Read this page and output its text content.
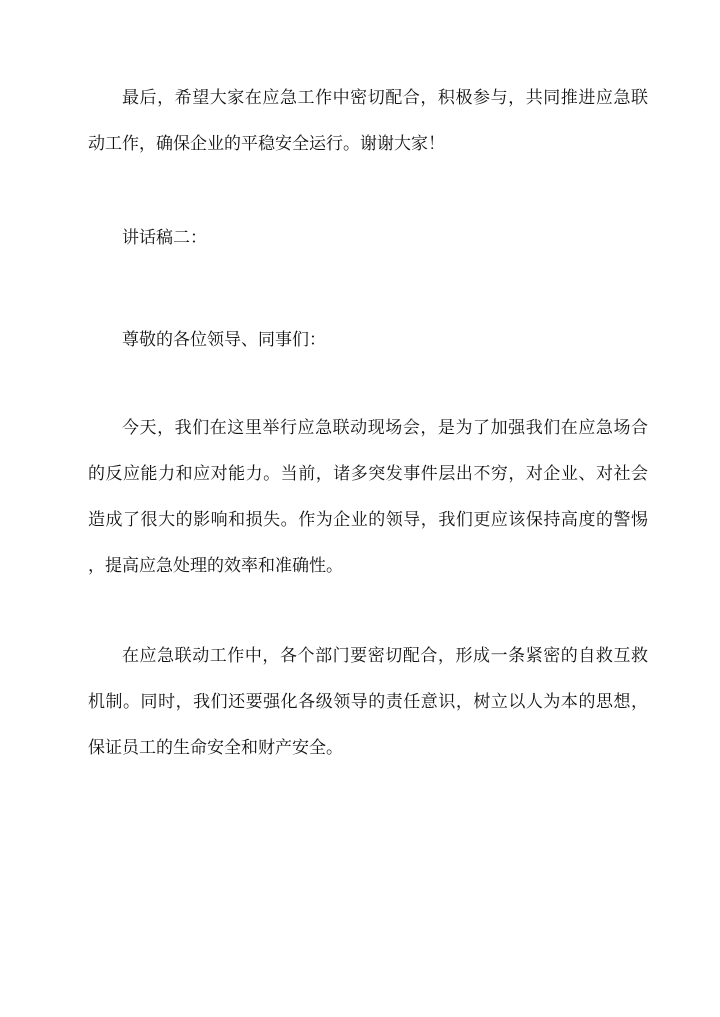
最后，希望大家在应急工作中密切配合，积极参与，共同推进应急联
动工作，确保企业的平稳安全运行。谢谢大家！

讲话稿二：

尊敬的各位领导、同事们：

今天，我们在这里举行应急联动现场会，是为了加强我们在应急场合
的反应能力和应对能力。当前，诸多突发事件层出不穷，对企业、对社会
造成了很大的影响和损失。作为企业的领导，我们更应该保持高度的警惕
，提高应急处理的效率和准确性。

在应急联动工作中，各个部门要密切配合，形成一条紧密的自救互救
机制。同时，我们还要强化各级领导的责任意识，树立以人为本的思想，
保证员工的生命安全和财产安全。
